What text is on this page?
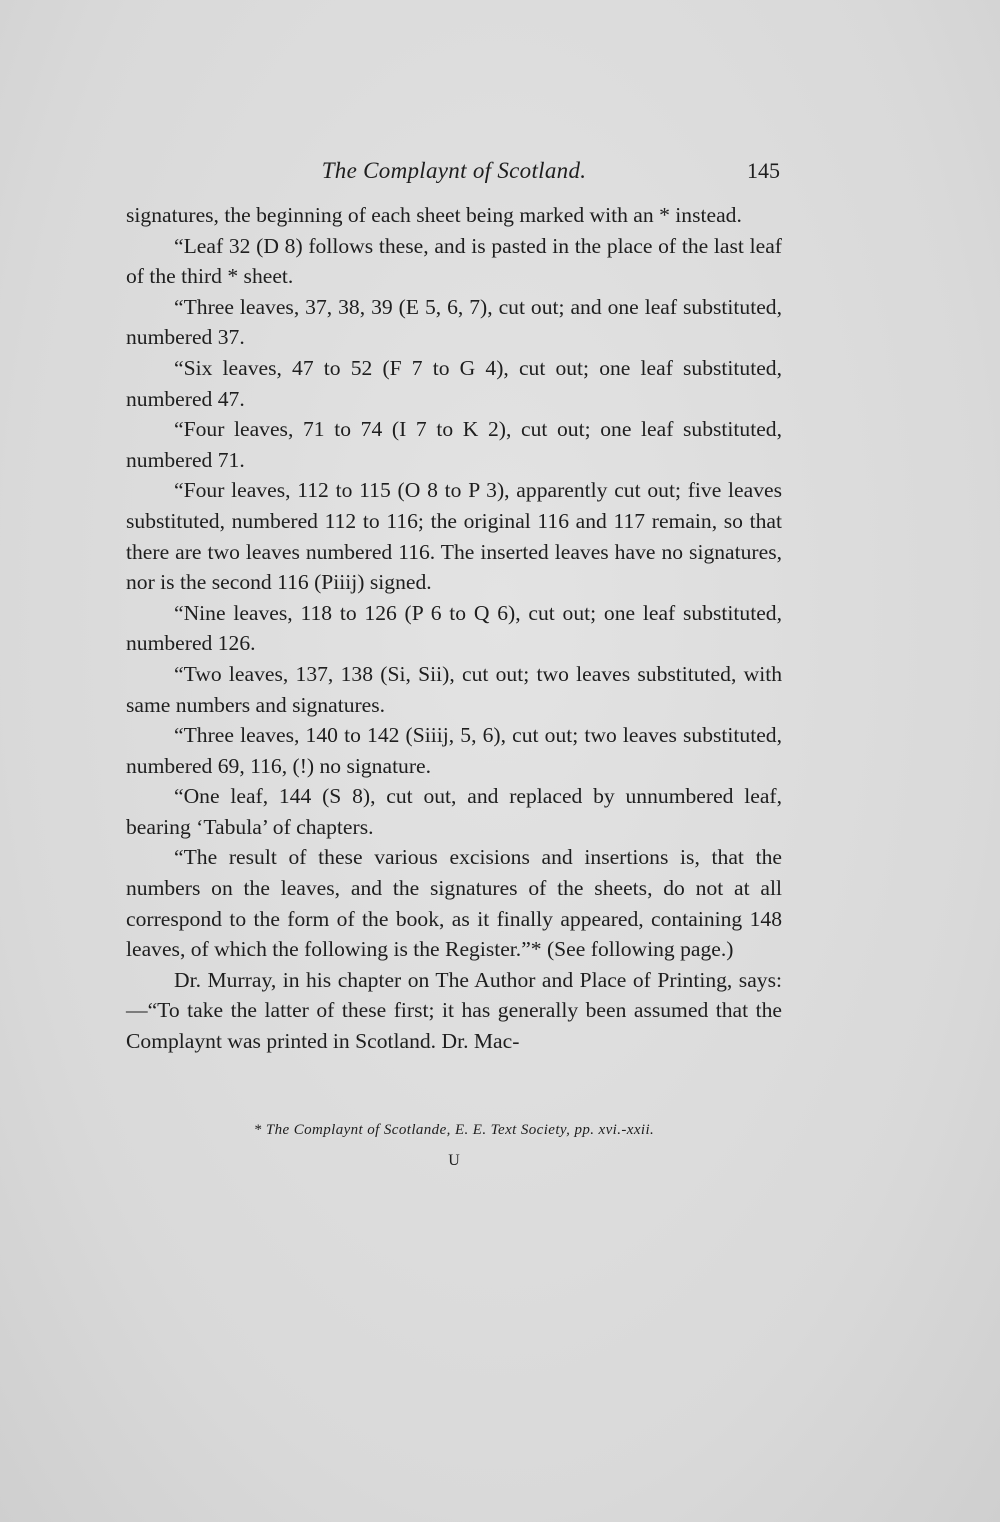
The Complaynt of Scotland.	145

signatures, the beginning of each sheet being marked with an * instead.

“Leaf 32 (D 8) follows these, and is pasted in the place of the last leaf of the third * sheet.

“Three leaves, 37, 38, 39 (E 5, 6, 7), cut out; and one leaf substituted, numbered 37.

“Six leaves, 47 to 52 (F 7 to G 4), cut out; one leaf substituted, numbered 47.

“Four leaves, 71 to 74 (I 7 to K 2), cut out; one leaf substituted, numbered 71.

“Four leaves, 112 to 115 (O 8 to P 3), apparently cut out; five leaves substituted, numbered 112 to 116; the original 116 and 117 remain, so that there are two leaves numbered 116. The inserted leaves have no signatures, nor is the second 116 (Piiij) signed.

“Nine leaves, 118 to 126 (P 6 to Q 6), cut out; one leaf substituted, numbered 126.

“Two leaves, 137, 138 (Si, Sii), cut out; two leaves substituted, with same numbers and signatures.

“Three leaves, 140 to 142 (Siiij, 5, 6), cut out; two leaves substituted, numbered 69, 116, (!) no signature.

“One leaf, 144 (S 8), cut out, and replaced by unnumbered leaf, bearing ‘Tabula’ of chapters.

“The result of these various excisions and insertions is, that the numbers on the leaves, and the signatures of the sheets, do not at all correspond to the form of the book, as it finally appeared, containing 148 leaves, of which the following is the Register.”* (See following page.)

Dr. Murray, in his chapter on The Author and Place of Printing, says:—“To take the latter of these first; it has generally been assumed that the Complaynt was printed in Scotland. Dr. Mac-

* The Complaynt of Scotlande, E. E. Text Society, pp. xvi.-xxii.
U
